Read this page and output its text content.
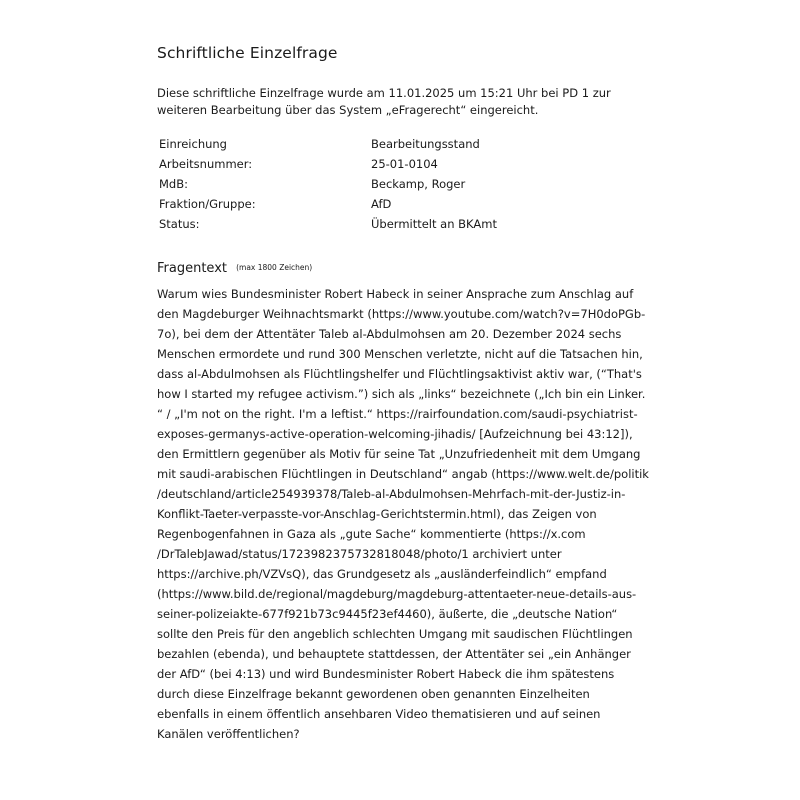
Schriftliche Einzelfrage
Diese schriftliche Einzelfrage wurde am 11.01.2025 um 15:21 Uhr bei PD 1 zur
weiteren Bearbeitung über das System „eFragerecht“ eingereicht.
Einreichung	Bearbeitungsstand
Arbeitsnummer:	25-01-0104
MdB:	Beckamp, Roger
Fraktion/Gruppe:	AfD
Status:	Übermittelt an BKAmt
Fragentext (max 1800 Zeichen)
Warum wies Bundesminister Robert Habeck in seiner Ansprache zum Anschlag auf
den Magdeburger Weihnachtsmarkt (https://www.youtube.com/watch?v=7H0doPGb-
7o), bei dem der Attentäter Taleb al-Abdulmohsen am 20. Dezember 2024 sechs
Menschen ermordete und rund 300 Menschen verletzte, nicht auf die Tatsachen hin,
dass al-Abdulmohsen als Flüchtlingshelfer und Flüchtlingsaktivist aktiv war, (“That's
how I started my refugee activism.”) sich als „links“ bezeichnete („Ich bin ein Linker.
“ / „I'm not on the right. I'm a leftist.“ https://rairfoundation.com/saudi-psychiatrist-
exposes-germanys-active-operation-welcoming-jihadis/ [Aufzeichnung bei 43:12]),
den Ermittlern gegenüber als Motiv für seine Tat „Unzufriedenheit mit dem Umgang
mit saudi-arabischen Flüchtlingen in Deutschland“ angab (https://www.welt.de/politik
/deutschland/article254939378/Taleb-al-Abdulmohsen-Mehrfach-mit-der-Justiz-in-
Konflikt-Taeter-verpasste-vor-Anschlag-Gerichtstermin.html), das Zeigen von
Regenbogenfahnen in Gaza als „gute Sache“ kommentierte (https://x.com
/DrTalebJawad/status/1723982375732818048/photo/1 archiviert unter
https://archive.ph/VZVsQ), das Grundgesetz als „ausländerfeindlich“ empfand
(https://www.bild.de/regional/magdeburg/magdeburg-attentaeter-neue-details-aus-
seiner-polizeiakte-677f921b73c9445f23ef4460), äußerte, die „deutsche Nation“
sollte den Preis für den angeblich schlechten Umgang mit saudischen Flüchtlingen
bezahlen (ebenda), und behauptete stattdessen, der Attentäter sei „ein Anhänger
der AfD“ (bei 4:13) und wird Bundesminister Robert Habeck die ihm spätestens
durch diese Einzelfrage bekannt gewordenen oben genannten Einzelheiten
ebenfalls in einem öffentlich ansehbaren Video thematisieren und auf seinen
Kanälen veröffentlichen?
